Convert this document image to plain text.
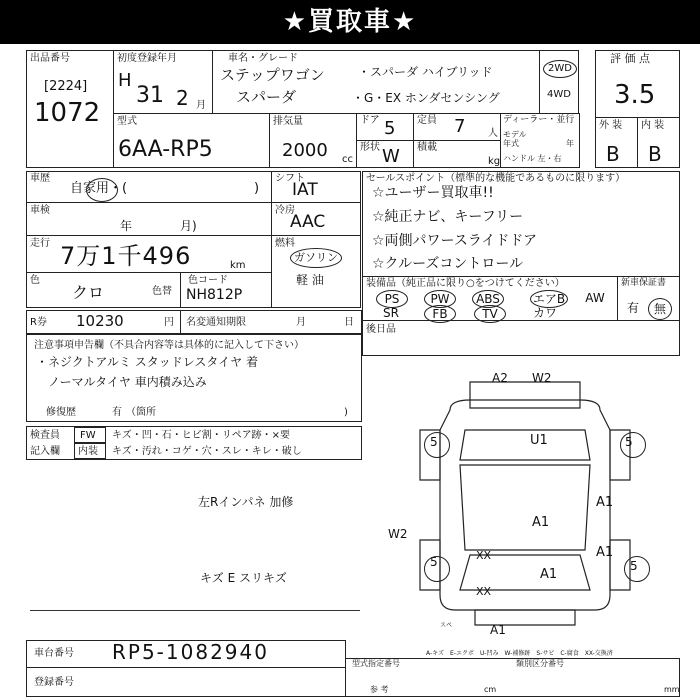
★買取車★
出品番号
[2224]
1072
初度登録年月
H
31 2 月
車名・グレード
ステップワゴン
スパーダ
・スパーダ ハイブリッド
・G・EX ホンダセンシング
2WD
4WD
評 価 点
3.5
型式
6AA-RP5
排気量
2000 cc
ドア 5 定員 7 人
ディーラー・並行
モデル
年式	年
ハンドル 左・右
形状 W 積載
kg
外 装
B
内 装
B
車歴
自家用・(	)
車検
年	月)
走行 7万1千496	km
色
クロ	色替
色コード
NH812P
シフト
IAT
冷房
AAC
燃料
ガソリン
軽 油
セールスポイント（標準的な機能であるものに限ります）
☆ユーザー買取車!!
☆純正ナビ、キーフリー
☆両側パワースライドドア
☆クルーズコントロール
装備品（純正品に限り○をつけてください）
PS	PW	ABS	エアB	AW
SR	FB	TV	カワ
新車保証書
有	無
R券 10230	円 名変通知期限	月	日
注意事項申告欄（不具合内容等は具体的に記入して下さい）
・ネジクトアルミ スタッドレスタイヤ 着
ノーマルタイヤ 車内積み込み
修復歴	有 （箇所	)
後日品
検査員
記入欄
FW キズ・凹・石・ヒビ割・リペア跡・×要
内装 キズ・汚れ・コゲ・穴・スレ・キレ・破し
左Rインパネ 加修
キズ E スリキズ
5	5
5	5
A2 W2
U1
A1
A1
A1
A1
W2
XX
XX
A1
スペ
A-キズ　E-エクボ　U-凹み　W-補修跡　S-サビ　C-腐食　XX-交換済
車台番号 RP5-1082940
登録番号
型式指定番号	類別区分番号
参 考	cm	mm
